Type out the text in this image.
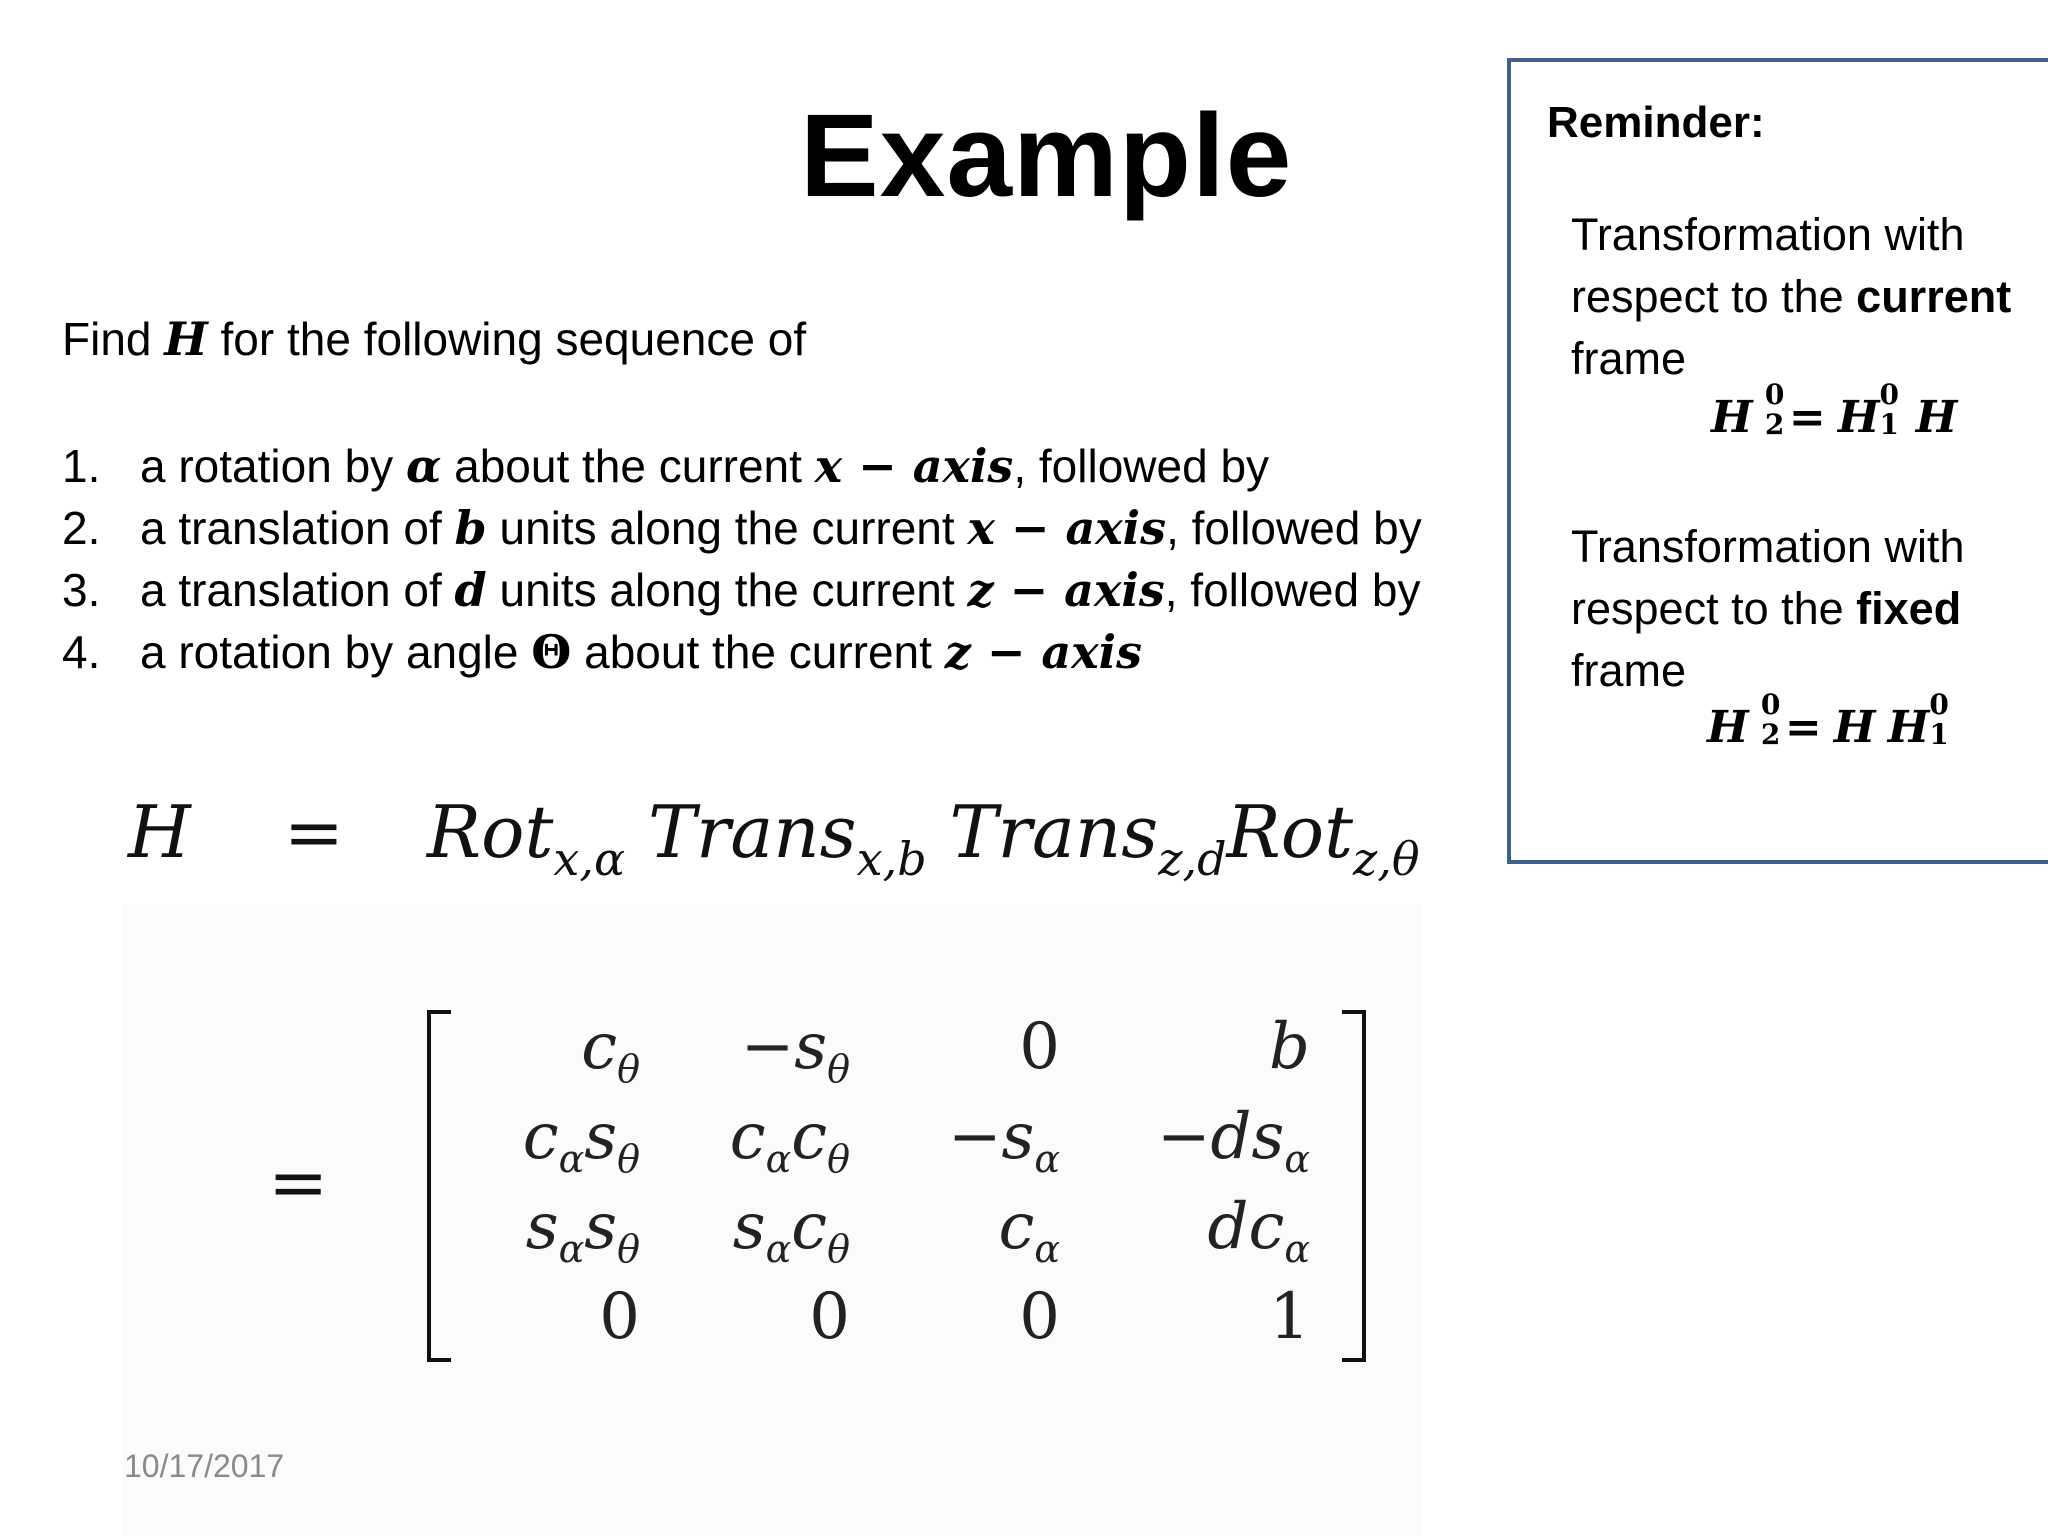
Example
Find H for the following sequence of
1. a rotation by α about the current x − axis, followed by
2. a translation of b units along the current x − axis, followed by
3. a translation of d units along the current z − axis, followed by
4. a rotation by angle Θ about the current z − axis
Reminder:
Transformation with
respect to the current
frame
H 0
2 = H 0
1 H
Transformation with
respect to the fixed
frame
H 0
2 = H H 0
1
H = Rot$_{x,\alpha}$ Trans$_{x,b}$ Trans$_{z,d}$Rot$_{z,\theta}$
=
$c_\theta$	$-s_\theta$	0	b
$c_\alpha s_\theta$	$c_\alpha c_\theta$	$-s_\alpha$	$-ds_\alpha$
$s_\alpha s_\theta$	$s_\alpha c_\theta$	$c_\alpha$	$dc_\alpha$
0	0	0	1
10/17/2017
